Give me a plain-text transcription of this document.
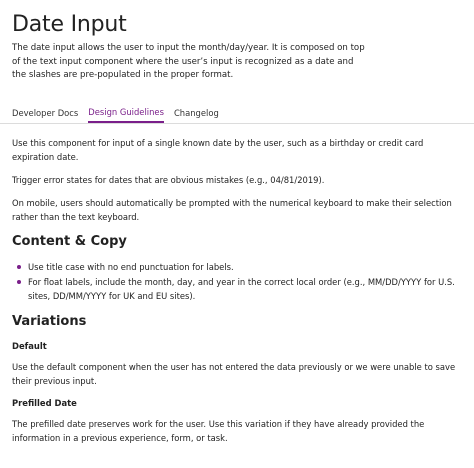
Date Input

The date input allows the user to input the month/day/year. It is composed on top of the text input component where the user’s input is recognized as a date and the slashes are pre-populated in the proper format.

Developer Docs Design Guidelines Changelog

Use this component for input of a single known date by the user, such as a birthday or credit card expiration date.

Trigger error states for dates that are obvious mistakes (e.g., 04/81/2019).

On mobile, users should automatically be prompted with the numerical keyboard to make their selection rather than the text keyboard.

Content & Copy
Use title case with no end punctuation for labels.
For float labels, include the month, day, and year in the correct local order (e.g., MM/DD/YYYY for U.S. sites, DD/MM/YYYY for UK and EU sites).
Variations
Default

Use the default component when the user has not entered the data previously or we were unable to save their previous input.

Prefilled Date

The prefilled date preserves work for the user. Use this variation if they have already provided the information in a previous experience, form, or task.
